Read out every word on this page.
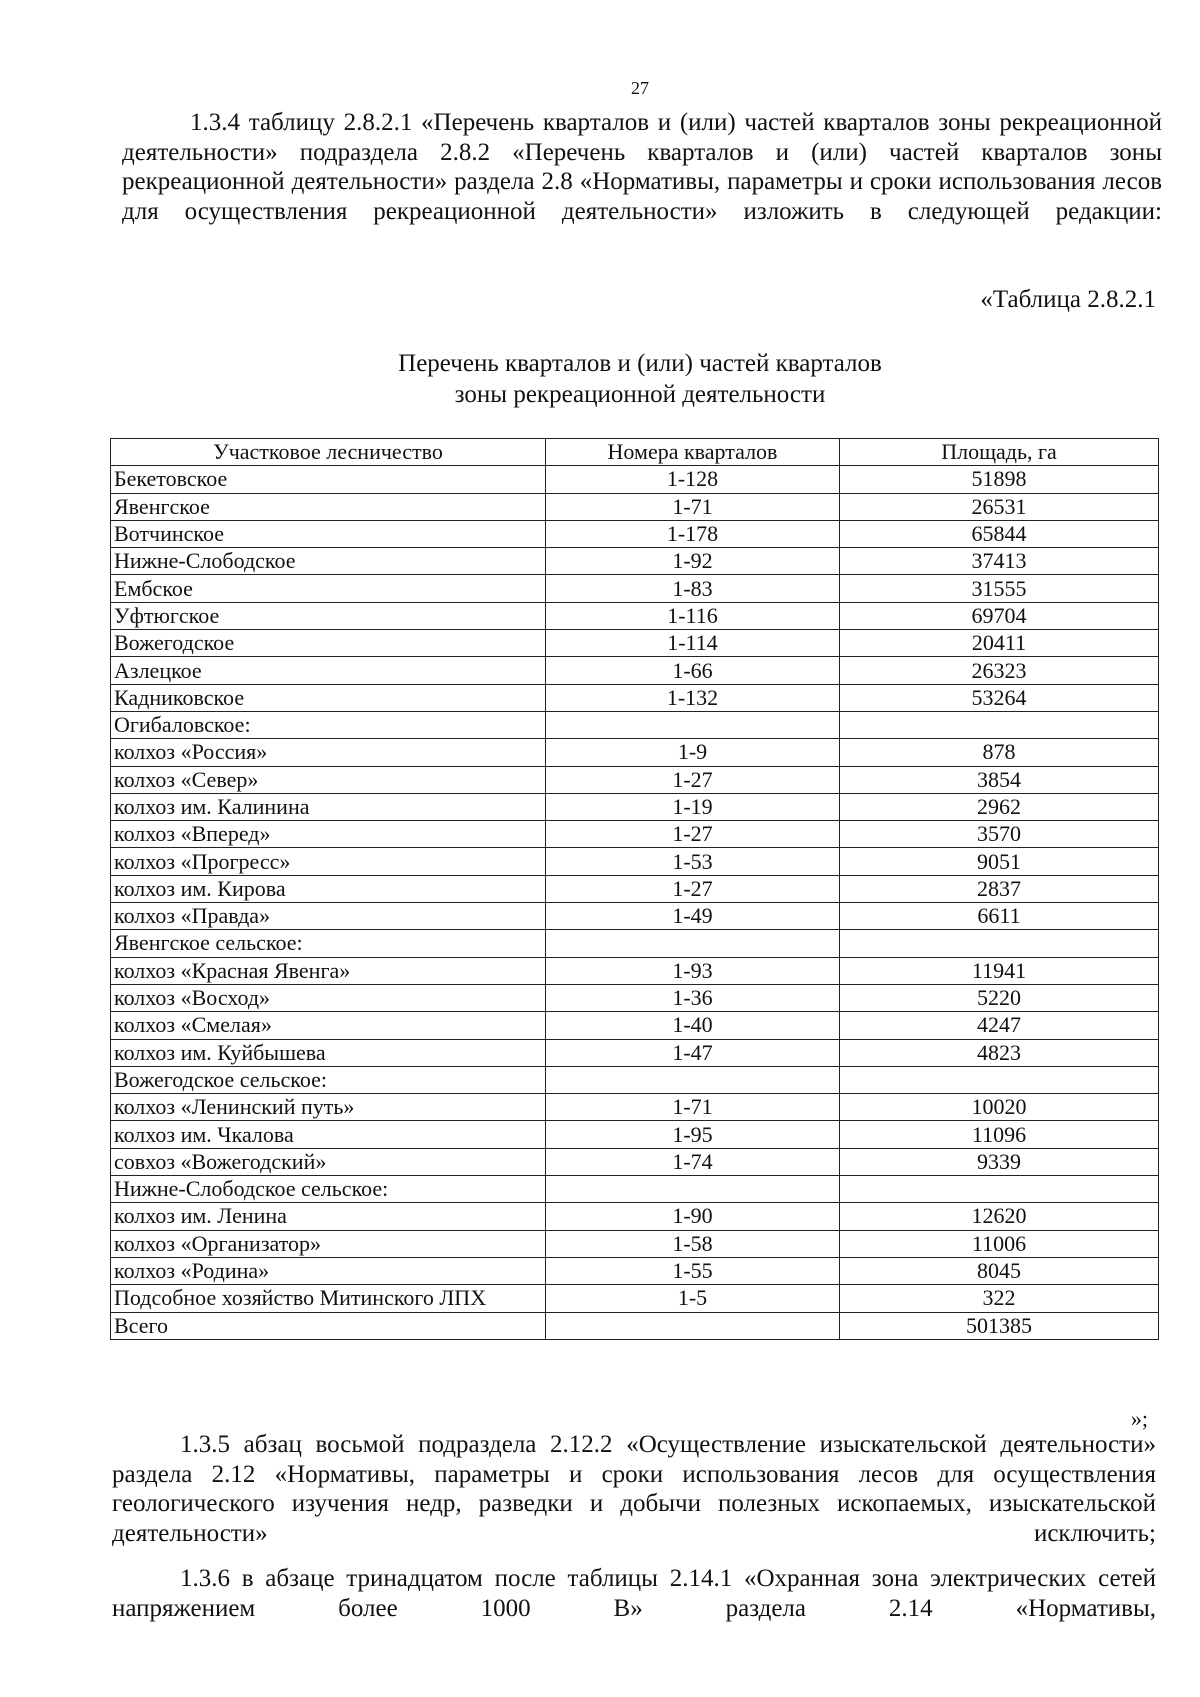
27
1.3.4 таблицу 2.8.2.1 «Перечень кварталов и (или) частей кварталов зоны рекреационной деятельности» подраздела 2.8.2 «Перечень кварталов и (или) частей кварталов зоны рекреационной деятельности» раздела 2.8 «Нормативы, параметры и сроки использования лесов для осуществления рекреационной деятельности» изложить в следующей редакции:
«Таблица 2.8.2.1
Перечень кварталов и (или) частей кварталов
зоны рекреационной деятельности
Участковое лесничество	Номера кварталов	Площадь, га
Бекетовское	1-128	51898
Явенгское	1-71	26531
Вотчинское	1-178	65844
Нижне-Слободское	1-92	37413
Ембское	1-83	31555
Уфтюгское	1-116	69704
Вожегодское	1-114	20411
Азлецкое	1-66	26323
Кадниковское	1-132	53264
Огибаловское:		
колхоз «Россия»	1-9	878
колхоз «Север»	1-27	3854
колхоз им. Калинина	1-19	2962
колхоз «Вперед»	1-27	3570
колхоз «Прогресс»	1-53	9051
колхоз им. Кирова	1-27	2837
колхоз «Правда»	1-49	6611
Явенгское сельское:		
колхоз «Красная Явенга»	1-93	11941
колхоз «Восход»	1-36	5220
колхоз «Смелая»	1-40	4247
колхоз им. Куйбышева	1-47	4823
Вожегодское сельское:		
колхоз «Ленинский путь»	1-71	10020
колхоз им. Чкалова	1-95	11096
совхоз «Вожегодский»	1-74	9339
Нижне-Слободское сельское:		
колхоз им. Ленина	1-90	12620
колхоз «Организатор»	1-58	11006
колхоз «Родина»	1-55	8045
Подсобное хозяйство Митинского ЛПХ	1-5	322
Всего		501385
»;
1.3.5 абзац восьмой подраздела 2.12.2 «Осуществление изыскательской деятельности» раздела 2.12 «Нормативы, параметры и сроки использования лесов для осуществления геологического изучения недр, разведки и добычи полезных ископаемых, изыскательской деятельности» исключить;
1.3.6 в абзаце тринадцатом после таблицы 2.14.1 «Охранная зона электрических сетей напряжением более 1000 В» раздела 2.14 «Нормативы,
